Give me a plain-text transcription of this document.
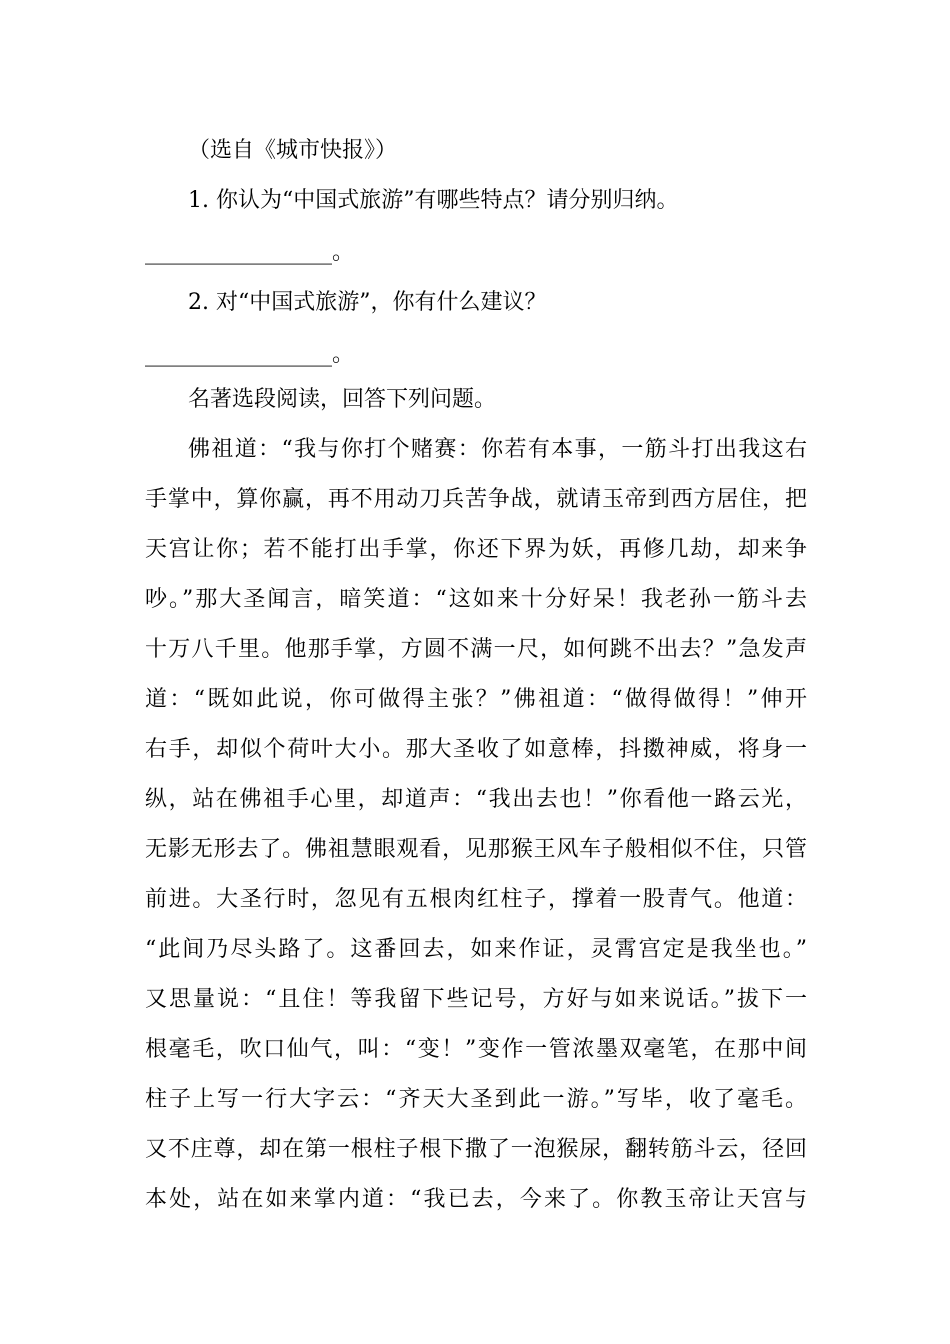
（选自《城市快报》）
1. 你认为“中国式旅游”有哪些特点？请分别归纳。
_________________。
2. 对“中国式旅游”，你有什么建议？
_________________。
名著选段阅读，回答下列问题。
佛祖道：“我与你打个赌赛：你若有本事，一筋斗打出我这右
手掌中，算你赢，再不用动刀兵苦争战，就请玉帝到西方居住，把
天宫让你；若不能打出手掌，你还下界为妖，再修几劫，却来争
吵。”那大圣闻言，暗笑道：“这如来十分好呆！我老孙一筋斗去
十万八千里。他那手掌，方圆不满一尺，如何跳不出去？”急发声
道：“既如此说，你可做得主张？”佛祖道：“做得做得！”伸开
右手，却似个荷叶大小。那大圣收了如意棒，抖擞神威，将身一
纵，站在佛祖手心里，却道声：“我出去也！”你看他一路云光，
无影无形去了。佛祖慧眼观看，见那猴王风车子般相似不住，只管
前进。大圣行时，忽见有五根肉红柱子，撑着一股青气。他道：
“此间乃尽头路了。这番回去，如来作证，灵霄宫定是我坐也。”
又思量说：“且住！等我留下些记号，方好与如来说话。”拔下一
根毫毛，吹口仙气，叫：“变！”变作一管浓墨双毫笔，在那中间
柱子上写一行大字云：“齐天大圣到此一游。”写毕，收了毫毛。
又不庄尊，却在第一根柱子根下撒了一泡猴尿，翻转筋斗云，径回
本处，站在如来掌内道：“我已去，今来了。你教玉帝让天宫与
